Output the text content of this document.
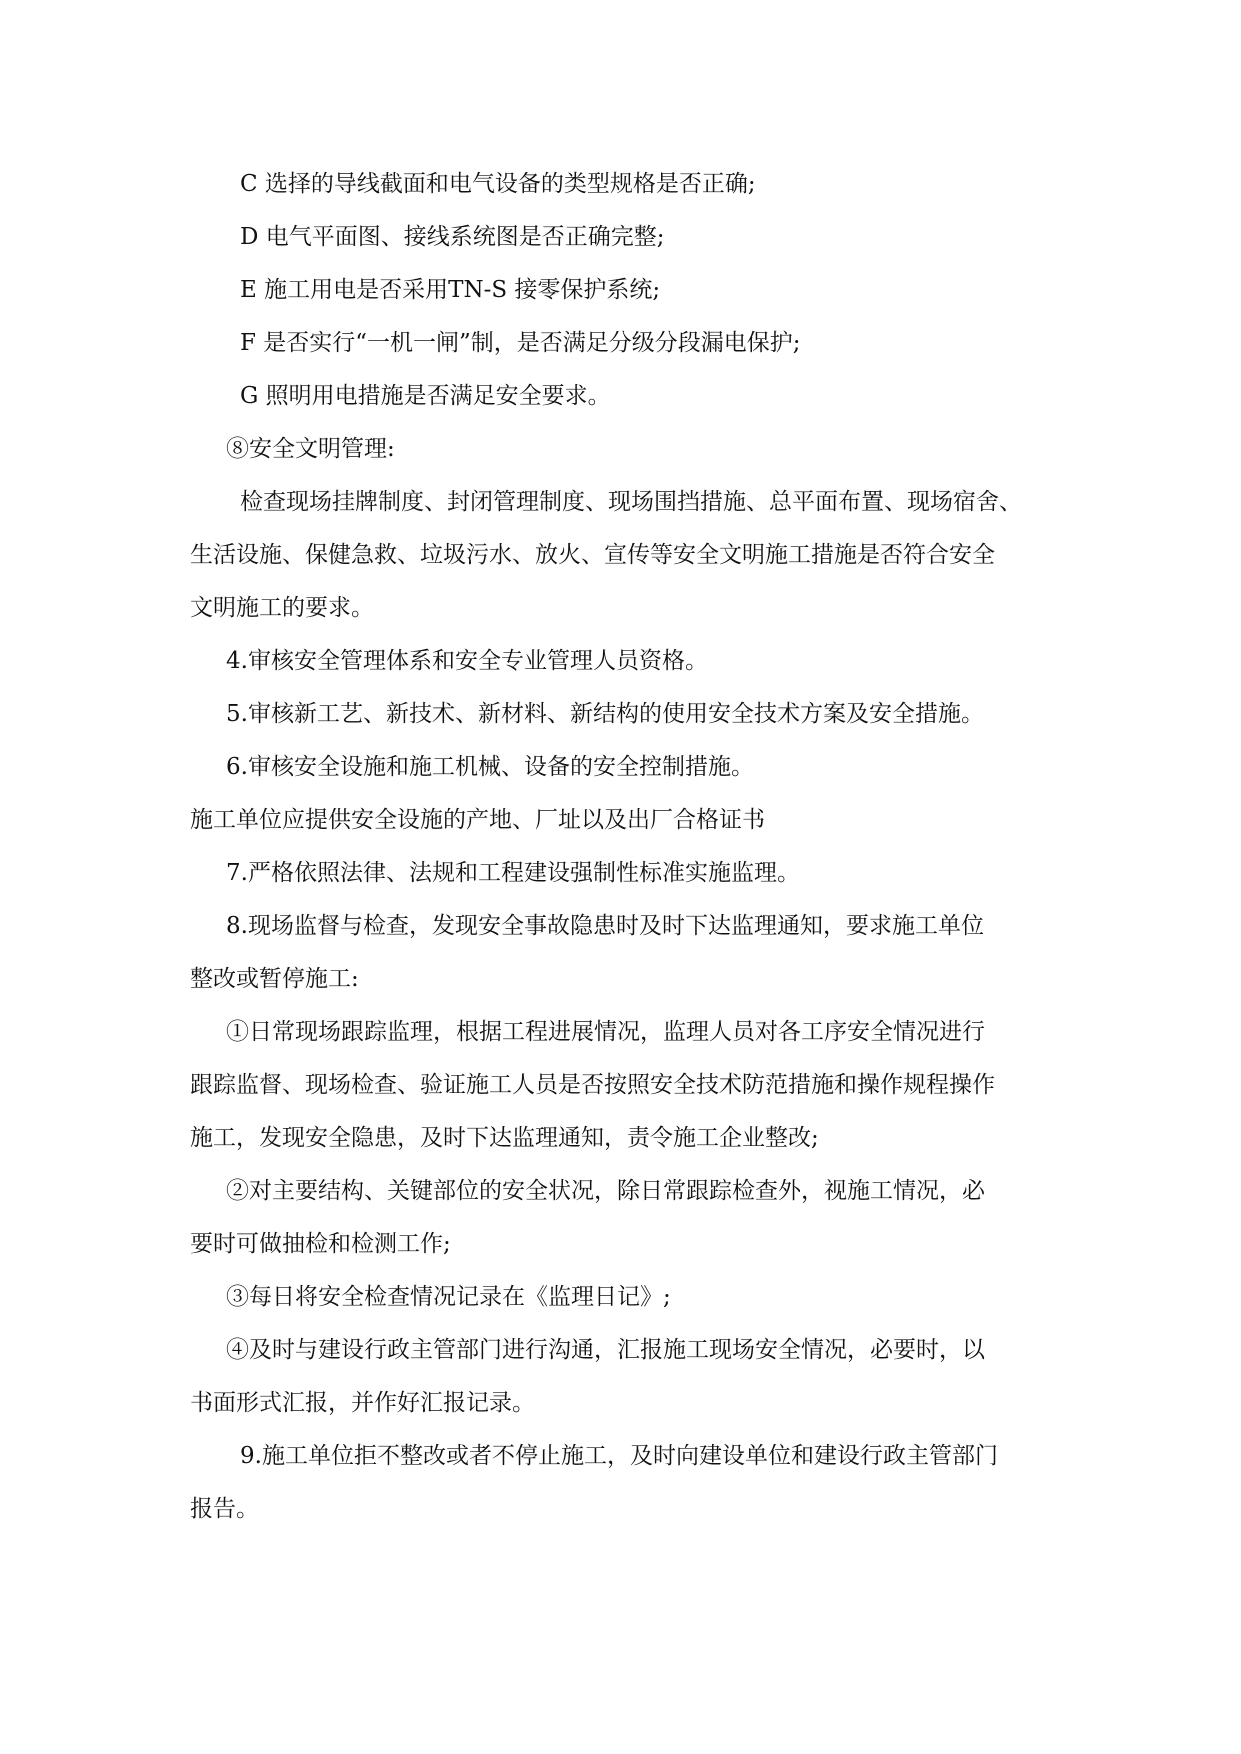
C 选择的导线截面和电气设备的类型规格是否正确;
D 电气平面图、接线系统图是否正确完整;
E 施工用电是否采用TN-S 接零保护系统;
F 是否实行“一机一闸”制，是否满足分级分段漏电保护;
G 照明用电措施是否满足安全要求。
⑧安全文明管理:
检查现场挂牌制度、封闭管理制度、现场围挡措施、总平面布置、现场宿舍、
生活设施、保健急救、垃圾污水、放火、宣传等安全文明施工措施是否符合安全
文明施工的要求。
4.审核安全管理体系和安全专业管理人员资格。
5.审核新工艺、新技术、新材料、新结构的使用安全技术方案及安全措施。
6.审核安全设施和施工机械、设备的安全控制措施。
施工单位应提供安全设施的产地、厂址以及出厂合格证书
7.严格依照法律、法规和工程建设强制性标准实施监理。
8.现场监督与检查，发现安全事故隐患时及时下达监理通知，要求施工单位
整改或暂停施工:
①日常现场跟踪监理，根据工程进展情况，监理人员对各工序安全情况进行
跟踪监督、现场检查、验证施工人员是否按照安全技术防范措施和操作规程操作
施工，发现安全隐患，及时下达监理通知，责令施工企业整改;
②对主要结构、关键部位的安全状况，除日常跟踪检查外，视施工情况，必
要时可做抽检和检测工作;
③每日将安全检查情况记录在《监理日记》;
④及时与建设行政主管部门进行沟通，汇报施工现场安全情况，必要时，以
书面形式汇报，并作好汇报记录。
9.施工单位拒不整改或者不停止施工，及时向建设单位和建设行政主管部门
报告。
